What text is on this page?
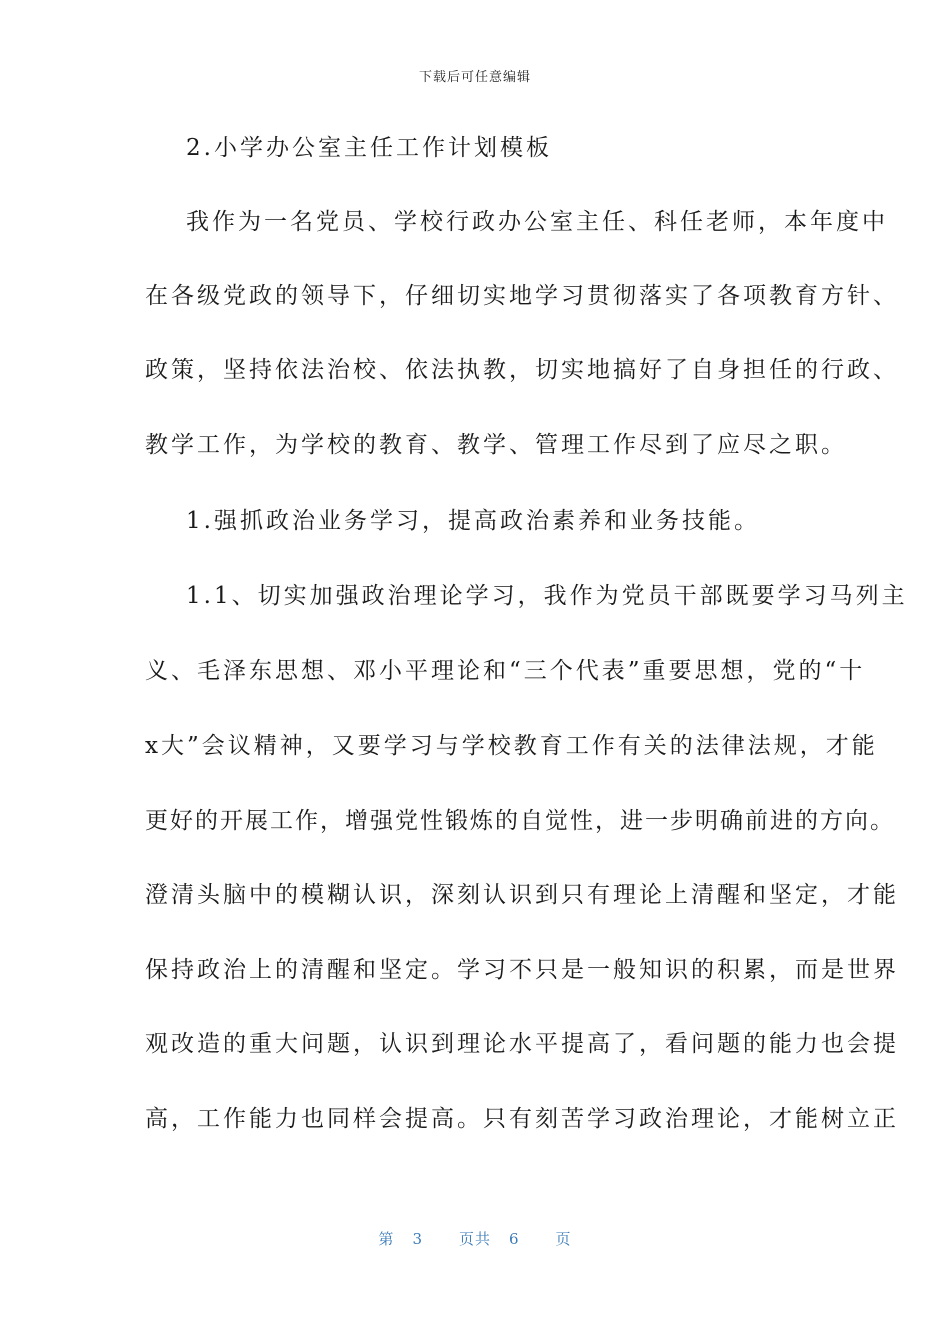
下载后可任意编辑
2.小学办公室主任工作计划模板
我作为一名党员、学校行政办公室主任、科任老师，本年度中
在各级党政的领导下，仔细切实地学习贯彻落实了各项教育方针、
政策，坚持依法治校、依法执教，切实地搞好了自身担任的行政、
教学工作，为学校的教育、教学、管理工作尽到了应尽之职。
1.强抓政治业务学习，提高政治素养和业务技能。
1.1、切实加强政治理论学习，我作为党员干部既要学习马列主
义、毛泽东思想、邓小平理论和“三个代表”重要思想，党的“十
x大”会议精神，又要学习与学校教育工作有关的法律法规，才能
更好的开展工作，增强党性锻炼的自觉性，进一步明确前进的方向。
澄清头脑中的模糊认识，深刻认识到只有理论上清醒和坚定，才能
保持政治上的清醒和坚定。学习不只是一般知识的积累，而是世界
观改造的重大问题，认识到理论水平提高了，看问题的能力也会提
高，工作能力也同样会提高。只有刻苦学习政治理论，才能树立正
第 3 页共 6 页
